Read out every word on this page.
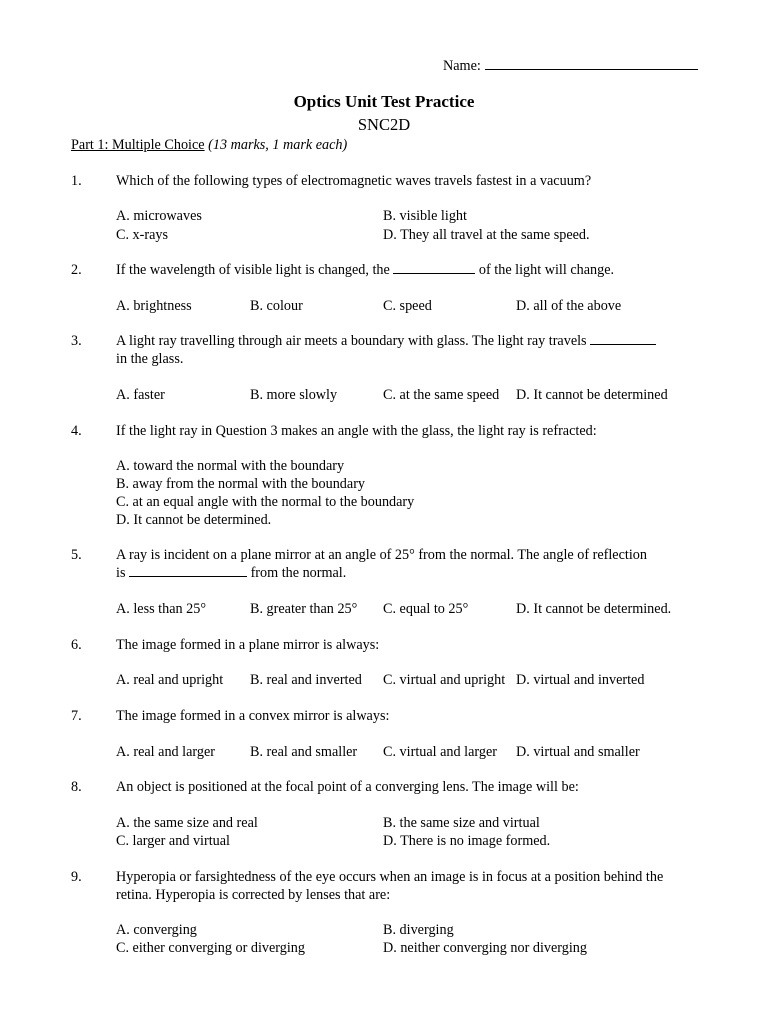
Name:
Optics Unit Test Practice
SNC2D
Part 1: Multiple Choice (13 marks, 1 mark each)
1. Which of the following types of electromagnetic waves travels fastest in a vacuum?
A. microwaves	B. visible light
C. x-rays	D. They all travel at the same speed.
2. If the wavelength of visible light is changed, the	of the light will change.
A. brightness	B. colour	C. speed	D. all of the above
3. A light ray travelling through air meets a boundary with glass. The light ray travels
in the glass.
A. faster	B. more slowly	C. at the same speed D. It cannot be determined
4. If the light ray in Question 3 makes an angle with the glass, the light ray is refracted:
A. toward the normal with the boundary
B. away from the normal with the boundary
C. at an equal angle with the normal to the boundary
D. It cannot be determined.
5. A ray is incident on a plane mirror at an angle of 25° from the normal. The angle of reflection
is	from the normal.
A. less than 25°	B. greater than 25° C. equal to 25°	D. It cannot be determined.
6. The image formed in a plane mirror is always:
A. real and upright B. real and inverted C. virtual and upright D. virtual and inverted
7. The image formed in a convex mirror is always:
A. real and larger B. real and smaller C. virtual and larger D. virtual and smaller
8. An object is positioned at the focal point of a converging lens. The image will be:
A. the same size and real	B. the same size and virtual
C. larger and virtual	D. There is no image formed.
9. Hyperopia or farsightedness of the eye occurs when an image is in focus at a position behind the
retina. Hyperopia is corrected by lenses that are:
A. converging	B. diverging
C. either converging or diverging	D. neither converging nor diverging
